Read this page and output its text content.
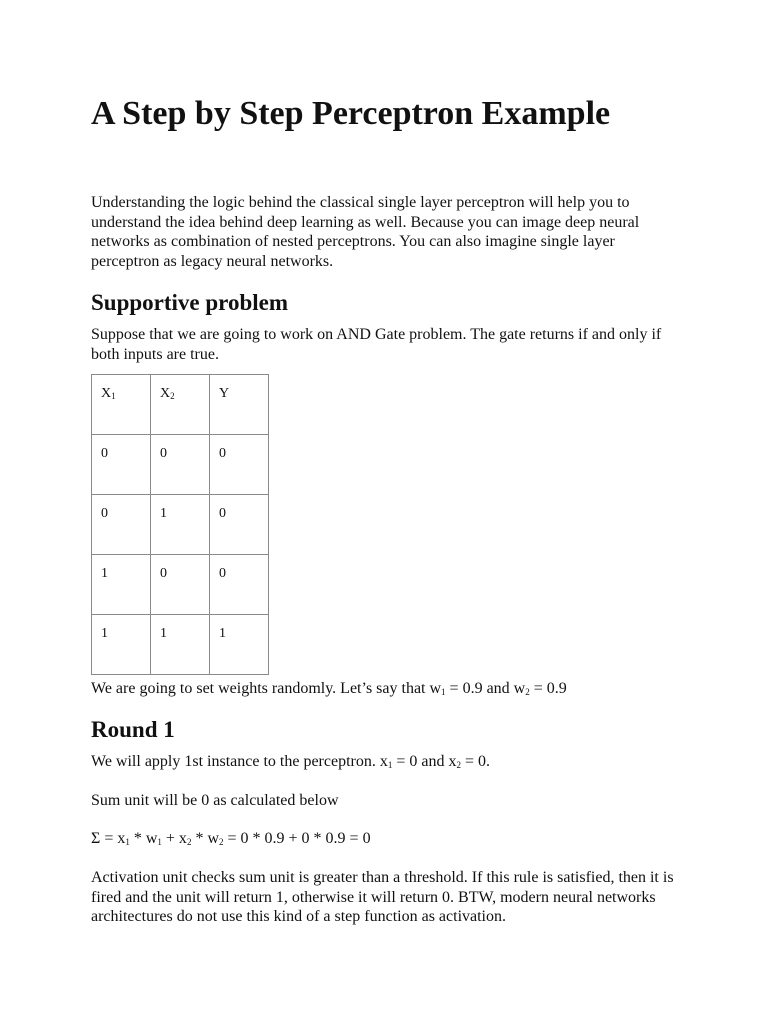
A Step by Step Perceptron Example

Understanding the logic behind the classical single layer perceptron will help you to understand the idea behind deep learning as well. Because you can image deep neural networks as combination of nested perceptrons. You can also imagine single layer perceptron as legacy neural networks.

Supportive problem

Suppose that we are going to work on AND Gate problem. The gate returns if and only if both inputs are true.

$X_1$	$X_2$	Y

0	0	0

0	1	0

1	0	0

1	1	1

We are going to set weights randomly. Let’s say that $w_1 = 0.9$ and $w_2 = 0.9$

Round 1

We will apply 1st instance to the perceptron. $x_1 = 0$ and $x_2 = 0$.

Sum unit will be 0 as calculated below

$\Sigma = x_1 * w_1 + x_2 * w_2 = 0 * 0.9 + 0 * 0.9 = 0$

Activation unit checks sum unit is greater than a threshold. If this rule is satisfied, then it is fired and the unit will return 1, otherwise it will return 0. BTW, modern neural networks architectures do not use this kind of a step function as activation.
